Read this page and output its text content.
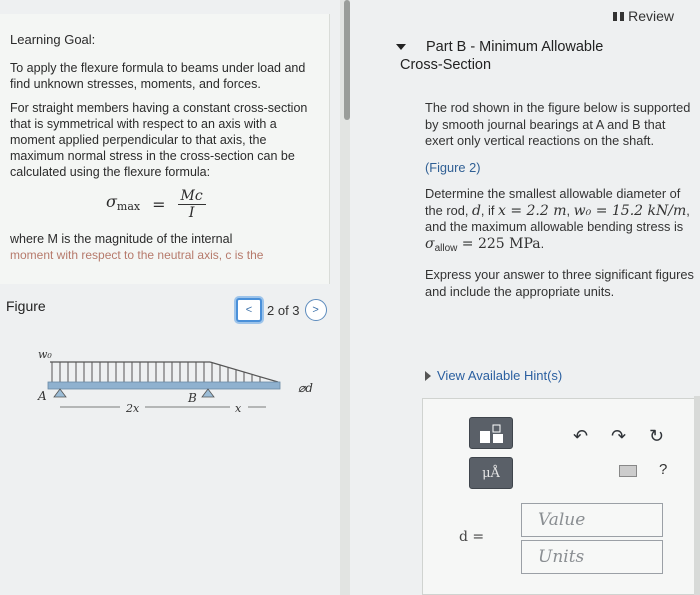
Learning Goal:

To apply the flexure formula to beams under load and find unknown stresses, moments, and forces.

For straight members having a constant cross-section that is symmetrical with respect to an axis with a moment applied perpendicular to that axis, the maximum normal stress in the cross-section can be calculated using the flexure formula:

$\sigma\max = \frac{Mc}{I}$

where M is the magnitude of the internal

moment with respect to the neutral axis, c is the
Figure	< 2 of 3 >
w₀
A	B
2x	x
⌀d
Review
Part B - Minimum Allowable
Cross-Section

The rod shown in the figure below is supported by smooth journal bearings at A and B that exert only vertical reactions on the shaft.

(Figure 2)

Determine the smallest allowable diameter of the rod, d, if x = 2.2 m, w₀ = 15.2 kN/m, and the maximum allowable bending stress is $\sigma_{allow} = 225$ MPa.

Express your answer to three significant figures and include the appropriate units.

View Available Hint(s)
μÅ
↶ ↷ ↻
?
d =
Value
Units
